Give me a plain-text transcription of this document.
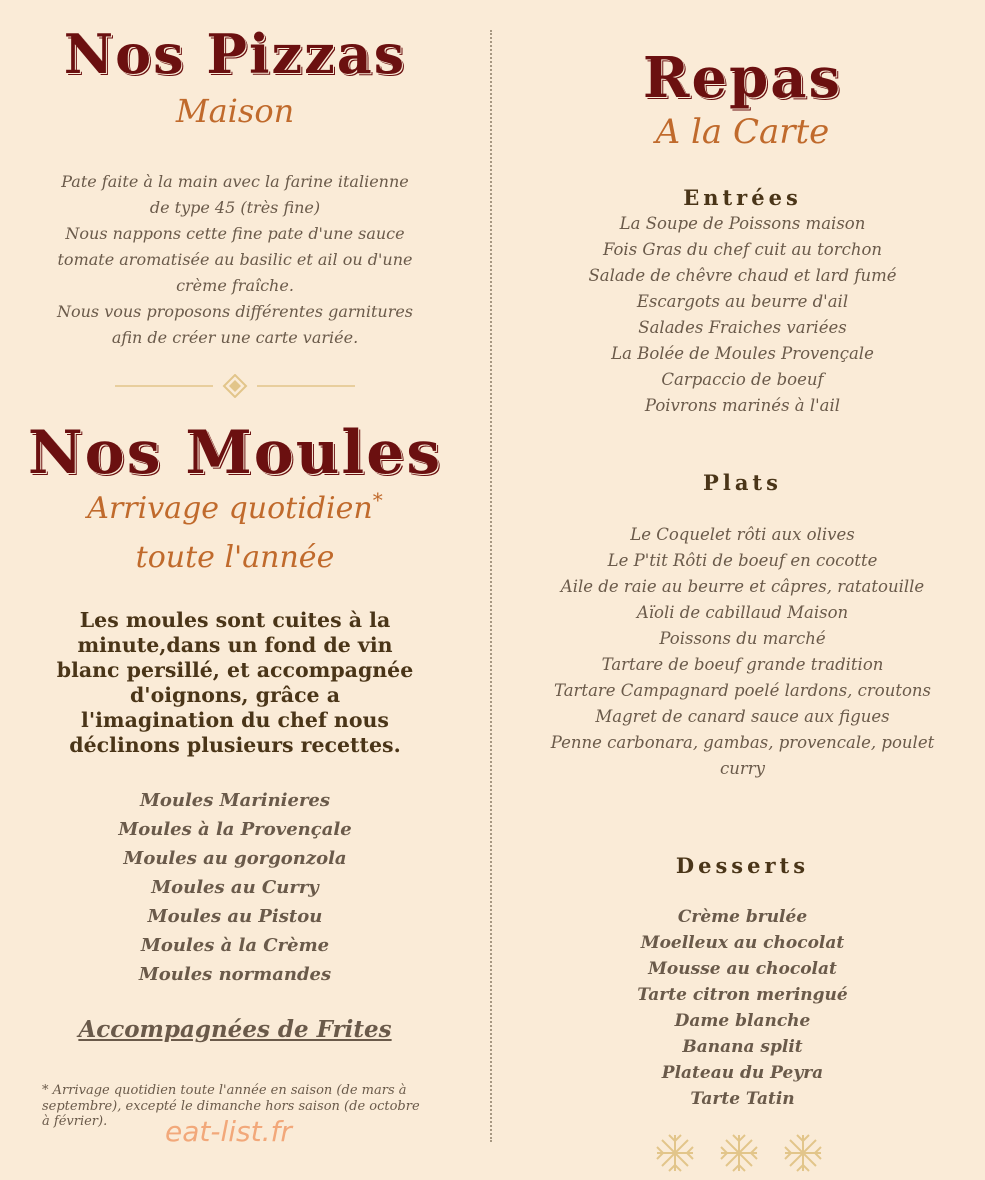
Nos Pizzas
Maison
Pate faite à la main avec la farine italienne
de type 45 (très fine)
Nous nappons cette fine pate d'une sauce
tomate aromatisée au basilic et ail ou d'une
crème fraîche.
Nous vous proposons différentes garnitures
afin de créer une carte variée.
Nos Moules
Arrivage quotidien*
toute l'année
Les moules sont cuites à la
minute,dans un fond de vin
blanc persillé, et accompagnée
d'oignons, grâce a
l'imagination du chef nous
déclinons plusieurs recettes.
Moules Marinieres
Moules à la Provençale
Moules au gorgonzola
Moules au Curry
Moules au Pistou
Moules à la Crème
Moules normandes
Accompagnées de Frites
* Arrivage quotidien toute l'année en saison (de mars à
septembre), excepté le dimanche hors saison (de octobre
à février).	eat-list.fr
Repas
A la Carte
Entrées
La Soupe de Poissons maison
Fois Gras du chef cuit au torchon
Salade de chêvre chaud et lard fumé
Escargots au beurre d'ail
Salades Fraiches variées
La Bolée de Moules Provençale
Carpaccio de boeuf
Poivrons marinés à l'ail
Plats
Le Coquelet rôti aux olives
Le P'tit Rôti de boeuf en cocotte
Aile de raie au beurre et câpres, ratatouille
Aïoli de cabillaud Maison
Poissons du marché
Tartare de boeuf grande tradition
Tartare Campagnard poelé lardons, croutons
Magret de canard sauce aux figues
Penne carbonara, gambas, provencale, poulet
curry
Desserts
Crème brulée
Moelleux au chocolat
Mousse au chocolat
Tarte citron meringué
Dame blanche
Banana split
Plateau du Peyra
Tarte Tatin
